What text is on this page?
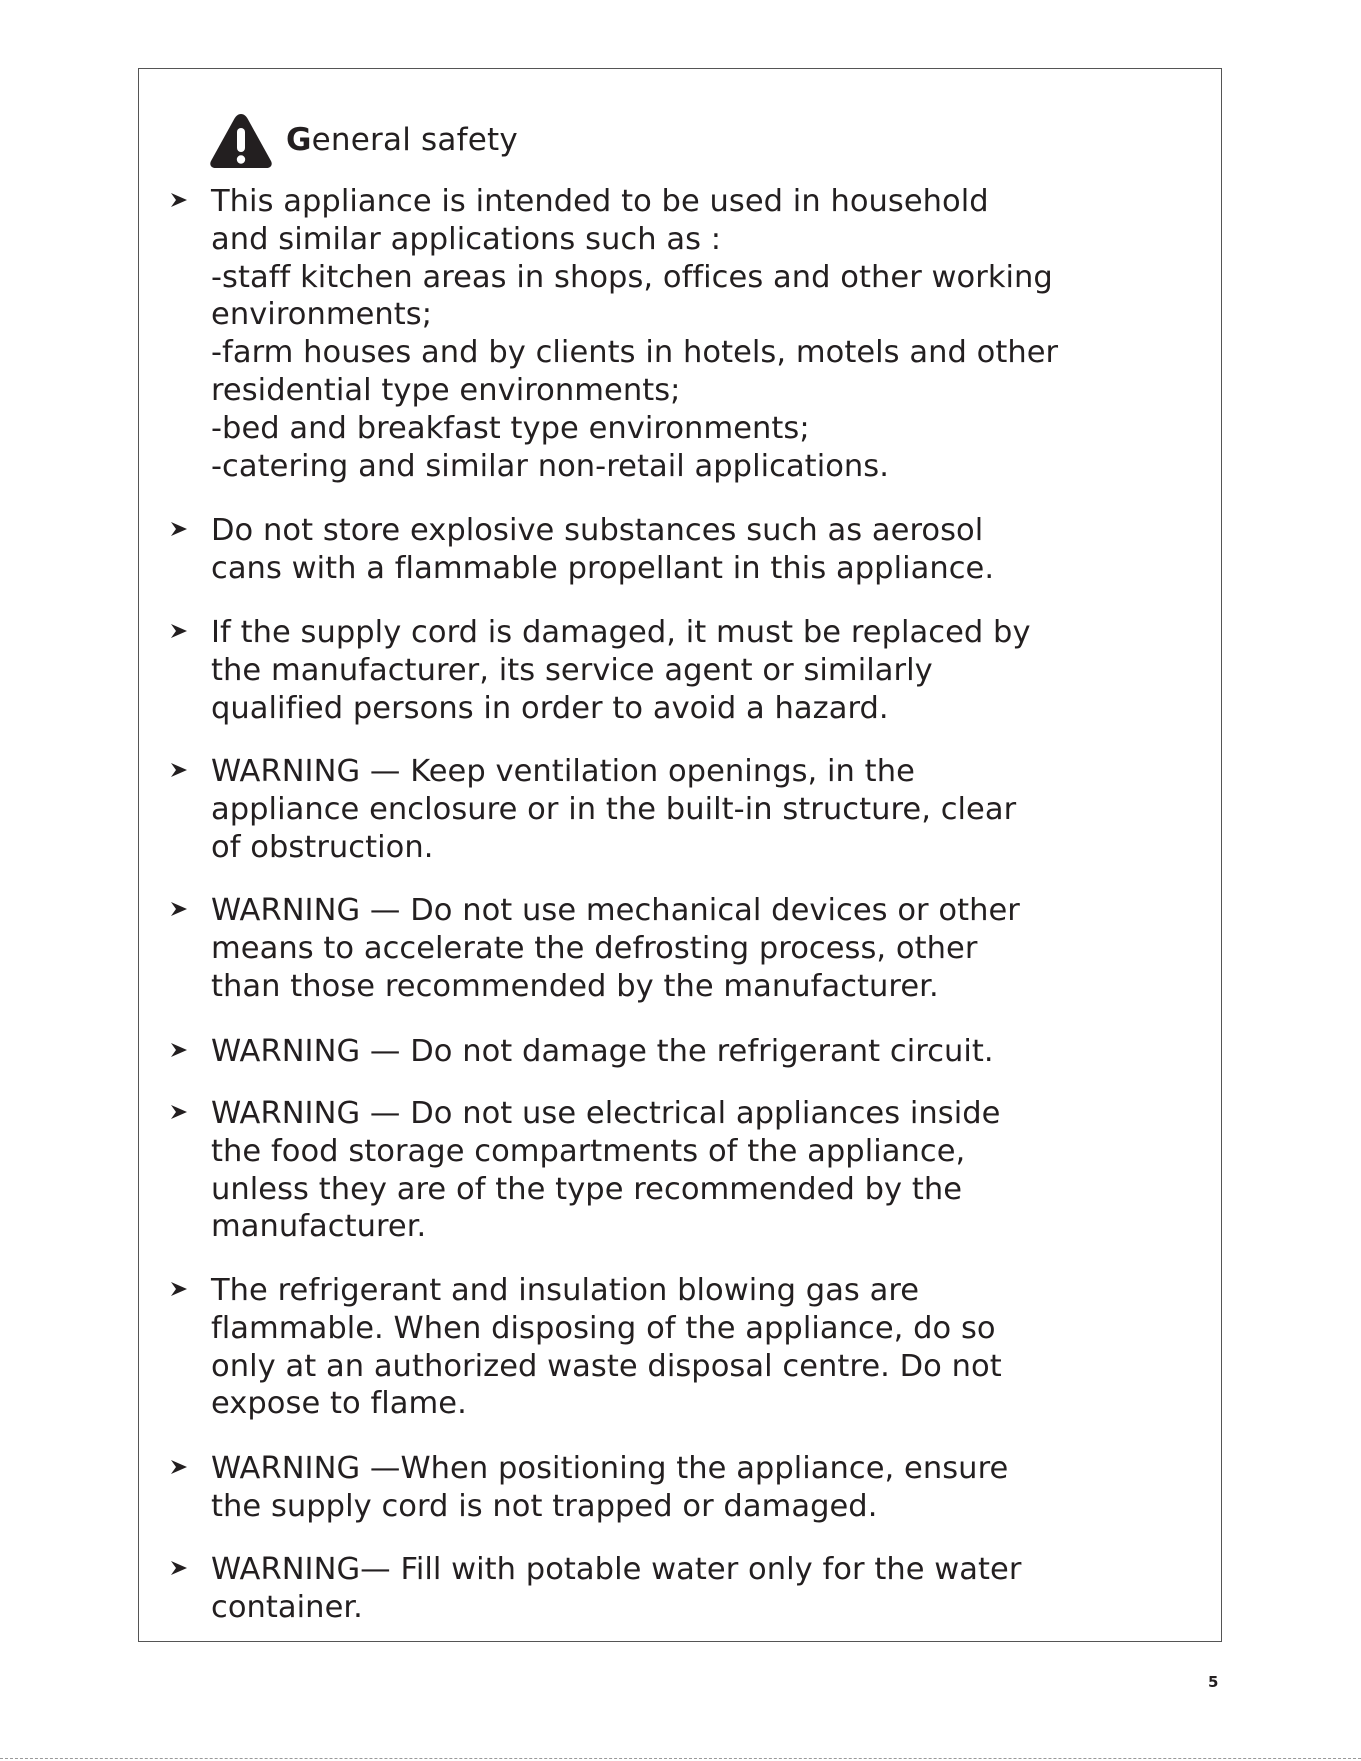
General safety
This appliance is intended to be used in household
and similar applications such as :
-staff kitchen areas in shops, offices and other working
environments;
-farm houses and by clients in hotels, motels and other
residential type environments;
-bed and breakfast type environments;
-catering and similar non-retail applications.
Do not store explosive substances such as aerosol
cans with a flammable propellant in this appliance.
If the supply cord is damaged, it must be replaced by
the manufacturer, its service agent or similarly
qualified persons in order to avoid a hazard.
WARNING — Keep ventilation openings, in the
appliance enclosure or in the built-in structure, clear
of obstruction.
WARNING — Do not use mechanical devices or other
means to accelerate the defrosting process, other
than those recommended by the manufacturer.
WARNING — Do not damage the refrigerant circuit.
WARNING — Do not use electrical appliances inside
the food storage compartments of the appliance,
unless they are of the type recommended by the
manufacturer.
The refrigerant and insulation blowing gas are
flammable. When disposing of the appliance, do so
only at an authorized waste disposal centre. Do not
expose to flame.
WARNING —When positioning the appliance, ensure
the supply cord is not trapped or damaged.
WARNING— Fill with potable water only for the water
container.
5
